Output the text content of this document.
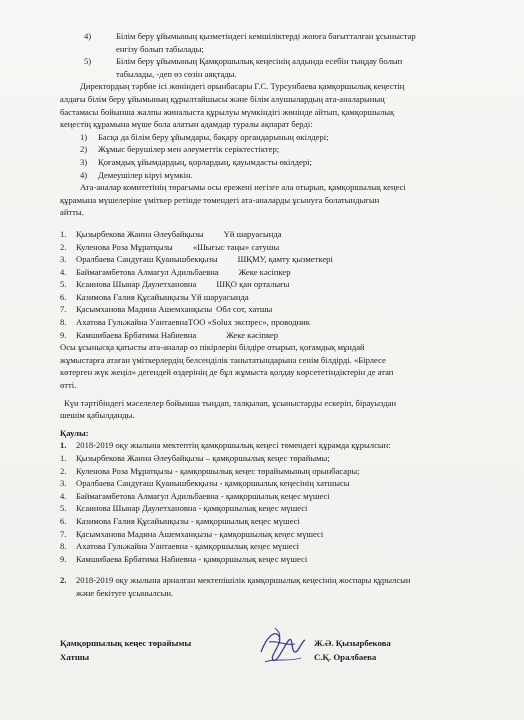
4)	Білім беру ұйымының қызметіндегі кемшіліктерді жоюға бағытталған ұсыныстар
енгізу болып табылады;
5)	Білім беру ұйымының Қамқоршылық кеңесінің алдында есебін тыңдау болып
табылады, -деп өз сөзін аяқтады.
Директордың тәрбие ісі жөніндегі орынбасары Г.С. Турсунбаева қамқоршылық кеңестің
алдағы білім беру ұйымының құрылтайшысы және білім алушылардың ата-аналарының
бастамасы бойынша жалпы жиналыста құрылуы мүмкіндігі жөнінде айтып, қамқоршылық
кеңестің құрамына мүше бола алатын адамдар туралы ақпарат берді:
1)	Басқа да білім беру ұйымдары, бақару органдарының өкілдері;
2)	Жұмыс берушілер мен әлеуметтік серіктестіктер;
3)	Қоғамдық ұйымдардың, қорлардың, қауымдасты өкілдері;
4)	Демеушілер кіруі мүмкін.
Ата-аналар комитетінің төрағымы осы ережені негізге ала отырып, қамқоршылық кеңесі
құрамына мүшелерiне үміткер ретінде төмендегі ата-аналарды ұсынуға болатындығын
айтты.
1.	Қызырбекова Жанна Әлеубайқызы Үй шаруасында
2.	Куленова Роза Мұратқызы «Шығыс таңы» сатушы
3.	Оралбаева Сандуғаш Қуанышбекқызы ШҚМУ, қамту қызметкері
4.	Баймагамбетова Алмагул Адильбаевна Жеке кәсіпкер
5.	Ксаинова Шынар Даулетхановна ШҚО қан орталығы
6.	Казимова Ғалия Құсайынқызы Үй шаруасында
7.	Қасымханова Мадина Ашемханқызы Обл сот, хатшы
8.	Ахатова Гульжайна Уантаевна ТОО «Solux экспрес», проводник
9.	Камшибаева Брбатима Набиевна	Жеке кәсіпкер
Осы ұсынысқа қатысты ата-аналар өз пікірлерін білдіре отырып, қоғамдық мұндай
жұмыстарға атаған үміткерлердің белсенділік танытатындарына сенім білдірді. «Бірлесе
көтерген жүк жеңіл» дегендей өздерінің де бұл жұмыста қолдау көрсететіндіктерін де атап
өтті.
Күн тәртібіндегі мәселелер бойынша тыңдап, талқылап, ұсыныстарды ескеріп, бірауыздан
шешім қабылданды.
Қаулы:
1.	2018-2019 оқу жылына мектептің қамқоршылық кеңесі төмендегі құрамда құрылсын:
1.	Қызырбекова Жанна Әлеубайқызы – қамқоршылық кеңес төрайымы;
2.	Куленова Роза Мұратқызы - қамқоршылық кеңес төрайымының орынбасары;
3.	Оралбаева Сандуғаш Қуанышбекқызы - қамқоршылық кеңесінің хатшысы
4.	Баймагамбетова Алмагул Адильбаевна - қамқоршылық кеңес мүшесі
5.	Ксаинова Шынар Даулетхановна - қамқоршылық кеңес мүшесі
6.	Казимова Ғалия Құсайынқызы - қамқоршылық кеңес мүшесі
7.	Қасымханова Мадина Ашемханқызы - қамқоршылық кеңес мүшесі
8.	Ахатова Гульжайна Уантаевна - қамқоршылық кеңес мүшесі
9.	Камшибаева Брбатима Набиевна - қамқоршылық кеңес мүшесі
2.	2018-2019 оқу жылына арналған мектепішілік қамқоршылық кеңесінің жоспары құрылсын
және бекітуге ұсынылсын.
Қамқоршылық кеңес төрайымы	Ж.Ә. Қызырбекова
Хатшы	С.Қ. Оралбаева
